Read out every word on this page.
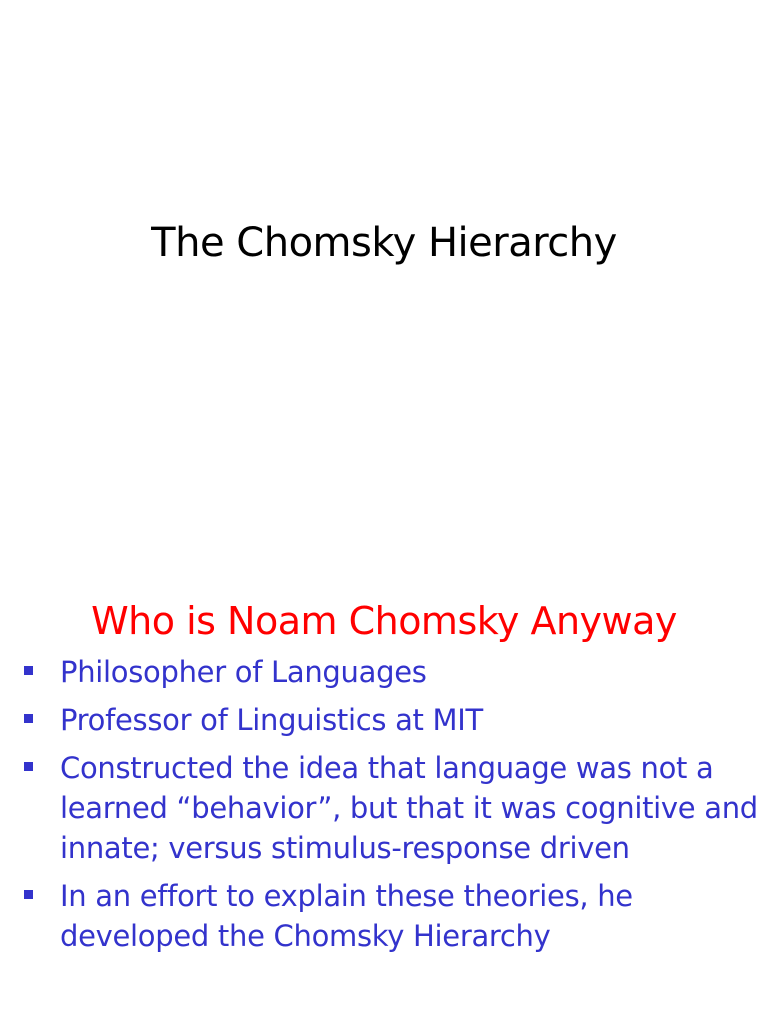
The Chomsky Hierarchy
Who is Noam Chomsky Anyway
Philosopher of Languages
Professor of Linguistics at MIT
Constructed the idea that language was not a learned “behavior”, but that it was cognitive and innate; versus stimulus-response driven
In an effort to explain these theories, he developed the Chomsky Hierarchy
